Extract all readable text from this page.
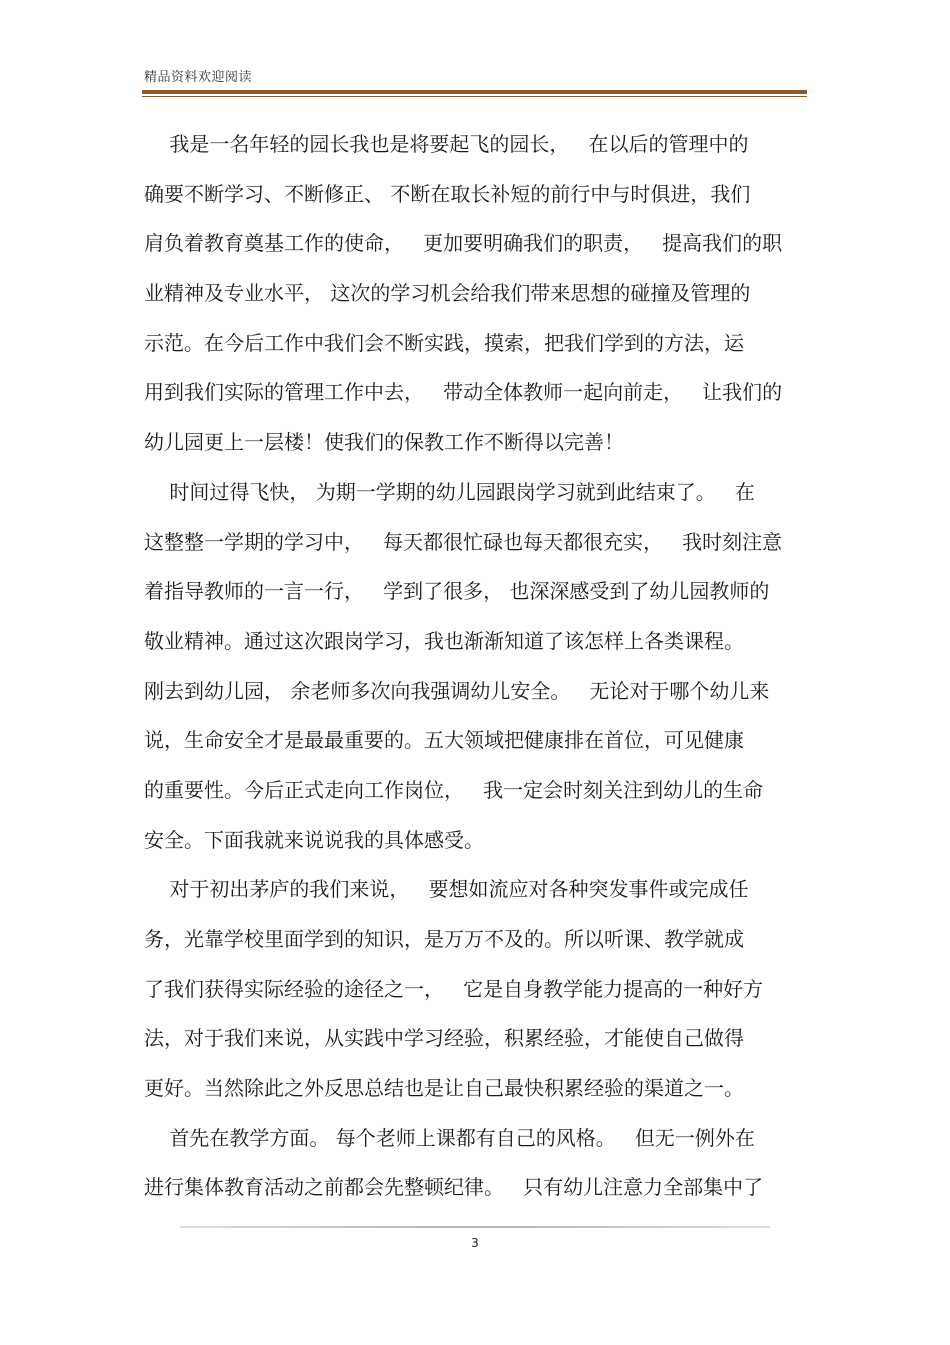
精品资料欢迎阅读
我是一名年轻的园长我也是将要起飞的园长，   在以后的管理中的
确要不断学习、不断修正、 不断在取长补短的前行中与时俱进，我们
肩负着教育奠基工作的使命，   更加要明确我们的职责，   提高我们的职
业精神及专业水平， 这次的学习机会给我们带来思想的碰撞及管理的
示范。在今后工作中我们会不断实践，摸索，把我们学到的方法，运
用到我们实际的管理工作中去，   带动全体教师一起向前走，   让我们的
幼儿园更上一层楼！使我们的保教工作不断得以完善！
时间过得飞快， 为期一学期的幼儿园跟岗学习就到此结束了。   在
这整整一学期的学习中，   每天都很忙碌也每天都很充实，   我时刻注意
着指导教师的一言一行，   学到了很多， 也深深感受到了幼儿园教师的
敬业精神。通过这次跟岗学习，我也渐渐知道了该怎样上各类课程。
刚去到幼儿园， 余老师多次向我强调幼儿安全。   无论对于哪个幼儿来
说，生命安全才是最最重要的。五大领域把健康排在首位，可见健康
的重要性。今后正式走向工作岗位，   我一定会时刻关注到幼儿的生命
安全。下面我就来说说我的具体感受。
对于初出茅庐的我们来说，   要想如流应对各种突发事件或完成任
务，光靠学校里面学到的知识，是万万不及的。所以听课、教学就成
了我们获得实际经验的途径之一，   它是自身教学能力提高的一种好方
法，对于我们来说，从实践中学习经验，积累经验，才能使自己做得
更好。当然除此之外反思总结也是让自己最快积累经验的渠道之一。
首先在教学方面。 每个老师上课都有自己的风格。   但无一例外在
进行集体教育活动之前都会先整顿纪律。   只有幼儿注意力全部集中了
3
